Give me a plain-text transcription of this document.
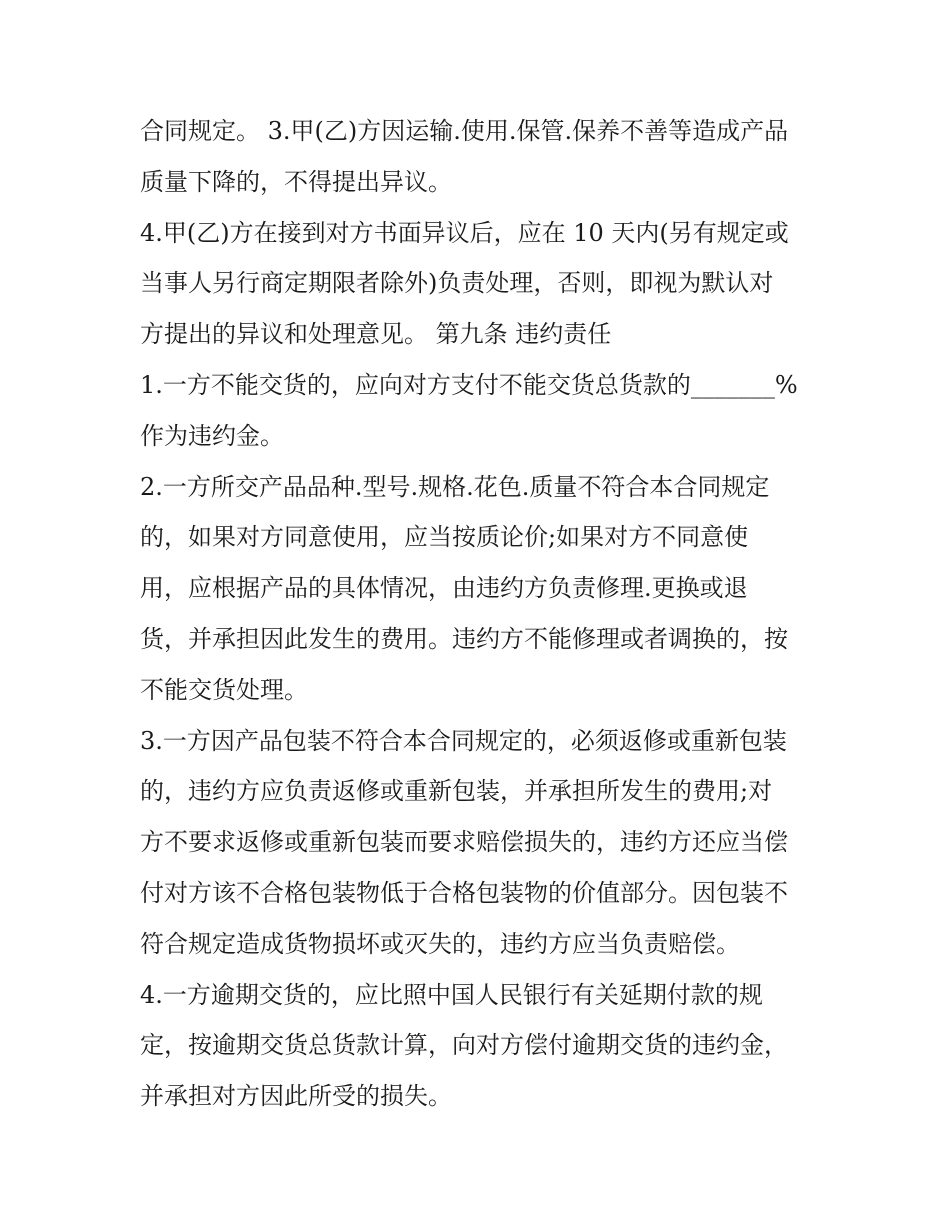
合同规定。 3.甲(乙)方因运输.使用.保管.保养不善等造成产品
质量下降的，不得提出异议。
4.甲(乙)方在接到对方书面异议后，应在 10 天内(另有规定或
当事人另行商定期限者除外)负责处理，否则，即视为默认对
方提出的异议和处理意见。 第九条 违约责任
1.一方不能交货的，应向对方支付不能交货总货款的_______%
作为违约金。
2.一方所交产品品种.型号.规格.花色.质量不符合本合同规定
的，如果对方同意使用，应当按质论价;如果对方不同意使
用，应根据产品的具体情况，由违约方负责修理.更换或退
货，并承担因此发生的费用。违约方不能修理或者调换的，按
不能交货处理。
3.一方因产品包装不符合本合同规定的，必须返修或重新包装
的，违约方应负责返修或重新包装，并承担所发生的费用;对
方不要求返修或重新包装而要求赔偿损失的，违约方还应当偿
付对方该不合格包装物低于合格包装物的价值部分。因包装不
符合规定造成货物损坏或灭失的，违约方应当负责赔偿。
4.一方逾期交货的，应比照中国人民银行有关延期付款的规
定，按逾期交货总货款计算，向对方偿付逾期交货的违约金，
并承担对方因此所受的损失。
